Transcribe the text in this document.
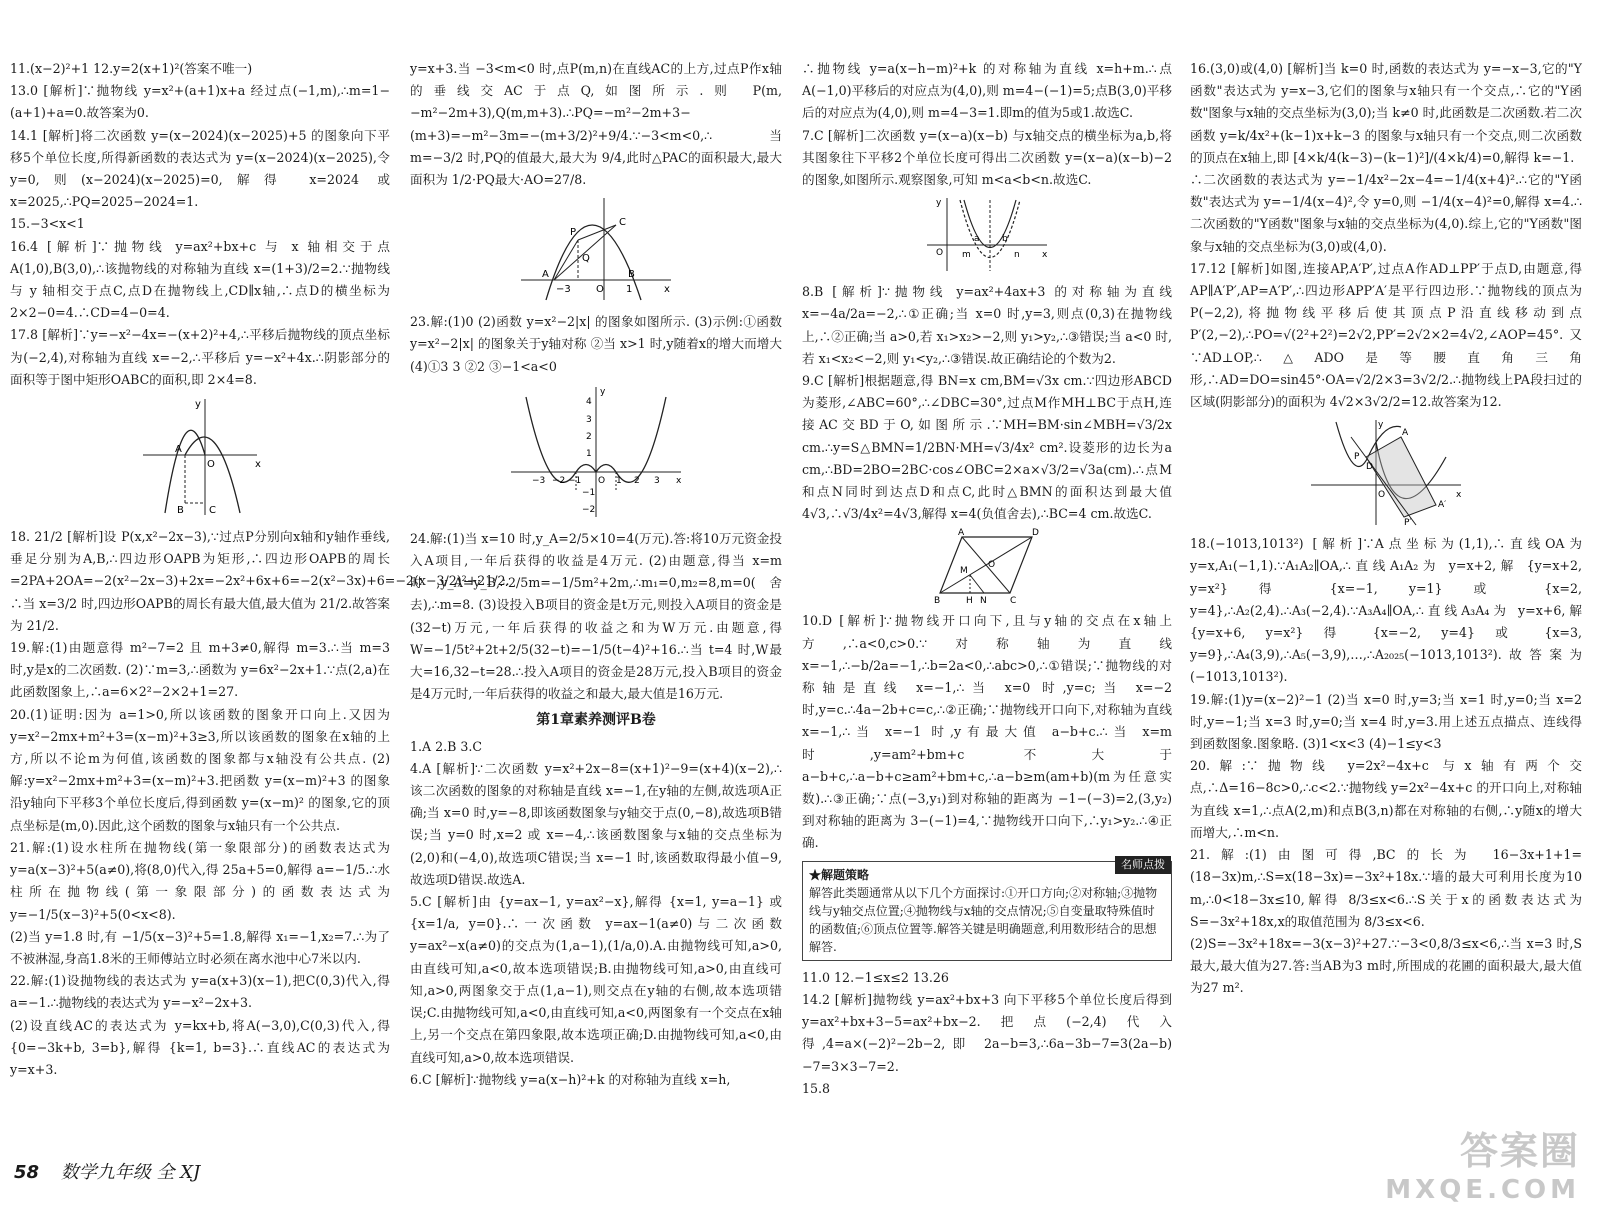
11.(x−2)²+1 12.y=2(x+1)²(答案不唯一)

13.0 [解析]∵抛物线 y=x²+(a+1)x+a 经过点(−1,m),∴m=1−(a+1)+a=0.故答案为0.

14.1 [解析]将二次函数 y=(x−2024)(x−2025)+5 的图象向下平移5个单位长度,所得新函数的表达式为 y=(x−2024)(x−2025),令 y=0,则(x−2024)(x−2025)=0,解得 x=2024 或 x=2025,∴PQ=2025−2024=1.

15.−3<x<1

16.4 [解析]∵抛物线 y=ax²+bx+c 与 x 轴相交于点A(1,0),B(3,0),∴该抛物线的对称轴为直线 x=(1+3)/2=2.∵抛物线与 y 轴相交于点C,点D在抛物线上,CD∥x轴,∴点D的横坐标为2×2−0=4.∴CD=4−0=4.

17.8 [解析]∵y=−x²−4x=−(x+2)²+4,∴平移后抛物线的顶点坐标为(−2,4),对称轴为直线 x=−2,∴平移后 y=−x²+4x.∴阴影部分的面积等于图中矩形OABC的面积,即 2×4=8.

y
x
A
O
B	C

18. 21/2 [解析]设 P(x,x²−2x−3),∵过点P分别向x轴和y轴作垂线,垂足分别为A,B,∴四边形OAPB为矩形,∴四边形OAPB的周长=2PA+2OA=−2(x²−2x−3)+2x=−2x²+6x+6=−2(x²−3x)+6=−2(x−3/2)²+21/2.

∴当 x=3/2 时,四边形OAPB的周长有最大值,最大值为 21/2.故答案为 21/2.

19.解:(1)由题意得 m²−7=2 且 m+3≠0,解得 m=3.∴当 m=3 时,y是x的二次函数. (2)∵m=3,∴函数为 y=6x²−2x+1.∵点(2,a)在此函数图象上,∴a=6×2²−2×2+1=27.

20.(1)证明:因为 a=1>0,所以该函数的图象开口向上.又因为 y=x²−2mx+m²+3=(x−m)²+3≥3,所以该函数的图象在x轴的上方,所以不论m为何值,该函数的图象都与x轴没有公共点. (2)解:y=x²−2mx+m²+3=(x−m)²+3.把函数 y=(x−m)²+3 的图象沿y轴向下平移3个单位长度后,得到函数 y=(x−m)² 的图象,它的顶点坐标是(m,0).因此,这个函数的图象与x轴只有一个公共点.

21.解:(1)设水柱所在抛物线(第一象限部分)的函数表达式为 y=a(x−3)²+5(a≠0),将(8,0)代入,得 25a+5=0,解得 a=−1/5.∴水柱所在抛物线(第一象限部分)的函数表达式为 y=−1/5(x−3)²+5(0<x<8).

(2)当 y=1.8 时,有 −1/5(x−3)²+5=1.8,解得 x₁=−1,x₂=7.∴为了不被淋湿,身高1.8米的王师傅站立时必须在离水池中心7米以内.

22.解:(1)设抛物线的表达式为 y=a(x+3)(x−1),把C(0,3)代入,得 a=−1.∴抛物线的表达式为 y=−x²−2x+3.

(2)设直线AC的表达式为 y=kx+b,将A(−3,0),C(0,3)代入,得 {0=−3k+b, 3=b},解得 {k=1, b=3}.∴直线AC的表达式为 y=x+3.

y=x+3.当 −3<m<0 时,点P(m,n)在直线AC的上方,过点P作x轴的垂线交AC于点Q,如图所示.则 P(m,−m²−2m+3),Q(m,m+3).∴PQ=−m²−2m+3−(m+3)=−m²−3m=−(m+3/2)²+9/4.∵−3<m<0,∴当 m=−3/2 时,PQ的值最大,最大为 9/4,此时△PAC的面积最大,最大面积为 1/2·PQ最大·AO=27/8.

A
P
Q
C
B
O
−3	1	x

23.解:(1)0 (2)函数 y=x²−2|x| 的图象如图所示. (3)示例:①函数 y=x²−2|x| 的图象关于y轴对称 ②当 x>1 时,y随着x的增大而增大 (4)①3 3 ②2 ③−1<a<0

4
3
2
1
−1
−2
−3 −2 −1 O 1 2 3 x
y

24.解:(1)当 x=10 时,y_A=2/5×10=4(万元).答:将10万元资金投入A项目,一年后获得的收益是4万元. (2)由题意,得当 x=m 时,y_A=y_B,∴2/5m=−1/5m²+2m,∴m₁=0,m₂=8,m=0(舍去),∴m=8. (3)设投入B项目的资金是t万元,则投入A项目的资金是(32−t)万元,一年后获得的收益之和为W万元.由题意,得 W=−1/5t²+2t+2/5(32−t)=−1/5(t−4)²+16.∴当 t=4 时,W最大=16,32−t=28.∴投入A项目的资金是28万元,投入B项目的资金是4万元时,一年后获得的收益之和最大,最大值是16万元.

第1章素养测评B卷

1.A 2.B 3.C

4.A [解析]∵二次函数 y=x²+2x−8=(x+1)²−9=(x+4)(x−2),∴该二次函数的图象的对称轴是直线 x=−1,在y轴的左侧,故选项A正确;当 x=0 时,y=−8,即该函数图象与y轴交于点(0,−8),故选项B错误;当 y=0 时,x=2 或 x=−4,∴该函数图象与x轴的交点坐标为(2,0)和(−4,0),故选项C错误;当 x=−1 时,该函数取得最小值−9,故选项D错误.故选A.

5.C [解析]由 {y=ax−1, y=ax²−x},解得 {x=1, y=a−1} 或 {x=1/a, y=0}.∴一次函数 y=ax−1(a≠0)与二次函数 y=ax²−x(a≠0)的交点为(1,a−1),(1/a,0).A.由抛物线可知,a>0,由直线可知,a<0,故本选项错误;B.由抛物线可知,a>0,由直线可知,a>0,两图象交于点(1,a−1),则交点在y轴的右侧,故本选项错误;C.由抛物线可知,a<0,由直线可知,a<0,两图象有一个交点在x轴上,另一个交点在第四象限,故本选项正确;D.由抛物线可知,a<0,由直线可知,a>0,故本选项错误.

6.C [解析]∵抛物线 y=a(x−h)²+k 的对称轴为直线 x=h,

∴抛物线 y=a(x−h−m)²+k 的对称轴为直线 x=h+m.∴点A(−1,0)平移后的对应点为(4,0),则 m=4−(−1)=5;点B(3,0)平移后的对应点为(4,0),则 m=4−3=1.即m的值为5或1.故选C.

7.C [解析]二次函数 y=(x−a)(x−b) 与x轴交点的横坐标为a,b,将其图象往下平移2个单位长度可得出二次函数 y=(x−a)(x−b)−2 的图象,如图所示.观察图象,可知 m<a<b<n.故选C.

y
O m
a b
n x

8.B [解析]∵抛物线 y=ax²+4ax+3 的对称轴为直线 x=−4a/2a=−2,∴①正确;当 x=0 时,y=3,则点(0,3)在抛物线上,∴②正确;当 a>0,若 x₁>x₂>−2,则 y₁>y₂,∴③错误;当 a<0 时,若 x₁<x₂<−2,则 y₁<y₂,∴③错误.故正确结论的个数为2.

9.C [解析]根据题意,得 BN=x cm,BM=√3x cm.∵四边形ABCD为菱形,∠ABC=60°,∴∠DBC=30°,过点M作MH⊥BC于点H,连接AC交BD于O,如图所示.∵MH=BM·sin∠MBH=√3/2x cm.∴y=S△BMN=1/2BN·MH=√3/4x² cm².设菱形的边长为a cm,∴BD=2BO=2BC·cos∠OBC=2×a×√3/2=√3a(cm).∴点M和点N同时到达点D和点C,此时△BMN的面积达到最大值4√3,∴√3/4x²=4√3,解得 x=4(负值舍去),∴BC=4 cm.故选C.

A	D
M
O
B	N
H	C

10.D [解析]∵抛物线开口向下,且与y轴的交点在x轴上方,∴a<0,c>0.∵对称轴为直线 x=−1,∴−b/2a=−1,∴b=2a<0,∴abc>0,∴①错误;∵抛物线的对称轴是直线 x=−1,∴当 x=0 时,y=c;当 x=−2 时,y=c.∴4a−2b+c=c,∴②正确;∵抛物线开口向下,对称轴为直线 x=−1,∴当 x=−1 时,y有最大值 a−b+c.∴当 x=m 时,y=am²+bm+c 不大于 a−b+c,∴a−b+c≥am²+bm+c,∴a−b≥m(am+b)(m为任意实数).∴③正确;∵点(−3,y₁)到对称轴的距离为 −1−(−3)=2,(3,y₂)到对称轴的距离为 3−(−1)=4,∵抛物线开口向下,∴y₁>y₂.∴④正确.

名师点拨
★解题策略
解答此类题通常从以下几个方面探讨:①开口方向;②对称轴;③抛物线与y轴交点位置;④抛物线与x轴的交点情况;⑤自变量取特殊值时的函数值;⑥顶点位置等.解答关键是明确题意,利用数形结合的思想解答.

11.0 12.−1≤x≤2 13.26

14.2 [解析]抛物线 y=ax²+bx+3 向下平移5个单位长度后得到 y=ax²+bx+3−5=ax²+bx−2.把点(−2,4)代入得,4=a×(−2)²−2b−2,即 2a−b=3,∴6a−3b−7=3(2a−b)−7=3×3−7=2.

15.8

16.(3,0)或(4,0) [解析]当 k=0 时,函数的表达式为 y=−x−3,它的"Y函数"表达式为 y=x−3,它们的图象与x轴只有一个交点,∴它的"Y函数"图象与x轴的交点坐标为(3,0);当 k≠0 时,此函数是二次函数.若二次函数 y=k/4x²+(k−1)x+k−3 的图象与x轴只有一个交点,则二次函数的顶点在x轴上,即 [4×k/4(k−3)−(k−1)²]/(4×k/4)=0,解得 k=−1.

∴二次函数的表达式为 y=−1/4x²−2x−4=−1/4(x+4)².∴它的"Y函数"表达式为 y=−1/4(x−4)²,令 y=0,则 −1/4(x−4)²=0,解得 x=4.∴二次函数的"Y函数"图象与x轴的交点坐标为(4,0).综上,它的"Y函数"图象与x轴的交点坐标为(3,0)或(4,0).

17.12 [解析]如图,连接AP,A′P′,过点A作AD⊥PP′于点D,由题意,得 AP∥A′P′,AP=A′P′,∴四边形APP′A′是平行四边形.∵抛物线的顶点为P(−2,2),将抛物线平移后使其顶点P沿直线移动到点P′(2,−2),∴PO=√(2²+2²)=2√2,PP′=2√2×2=4√2,∠AOP=45°.又∵AD⊥OP,∴△ADO是等腰直角三角形,∴AD=DO=sin45°·OA=√2/2×3=3√2/2.∴抛物线上PA段扫过的区域(阴影部分)的面积为 4√2×3√2/2=12.故答案为12.

y
A
P
D
O
P′
A′
x

18.(−1013,1013²) [解析]∵A点坐标为(1,1),∴直线OA为 y=x,A₁(−1,1).∵A₁A₂∥OA,∴直线A₁A₂为 y=x+2,解 {y=x+2, y=x²} 得 {x=−1, y=1} 或 {x=2, y=4},∴A₂(2,4).∴A₃(−2,4).∵A₃A₄∥OA,∴直线A₃A₄为 y=x+6,解 {y=x+6, y=x²} 得 {x=−2, y=4} 或 {x=3, y=9},∴A₄(3,9),∴A₅(−3,9),…,∴A₂₀₂₅(−1013,1013²).故答案为(−1013,1013²).

19.解:(1)y=(x−2)²−1 (2)当 x=0 时,y=3;当 x=1 时,y=0;当 x=2 时,y=−1;当 x=3 时,y=0;当 x=4 时,y=3.用上述五点描点、连线得到函数图象.图象略. (3)1<x<3 (4)−1≤y<3

20.解:∵抛物线 y=2x²−4x+c 与x轴有两个交点,∴Δ=16−8c>0,∴c<2.∵抛物线 y=2x²−4x+c 的开口向上,对称轴为直线 x=1,∴点A(2,m)和点B(3,n)都在对称轴的右侧,∴y随x的增大而增大,∴m<n.

21.解:(1)由图可得,BC的长为 16−3x+1+1=(18−3x)m,∴S=x(18−3x)=−3x²+18x.∵墙的最大可利用长度为10 m,∴0<18−3x≤10,解得 8/3≤x<6.∴S关于x的函数表达式为 S=−3x²+18x,x的取值范围为 8/3≤x<6.

(2)S=−3x²+18x=−3(x−3)²+27.∵−3<0,8/3≤x<6,∴当 x=3 时,S最大,最大值为27.答:当AB为3 m时,所围成的花圃的面积最大,最大值为27 m².

58 数学九年级 全 XJ	答案圈
MXQE.COM
